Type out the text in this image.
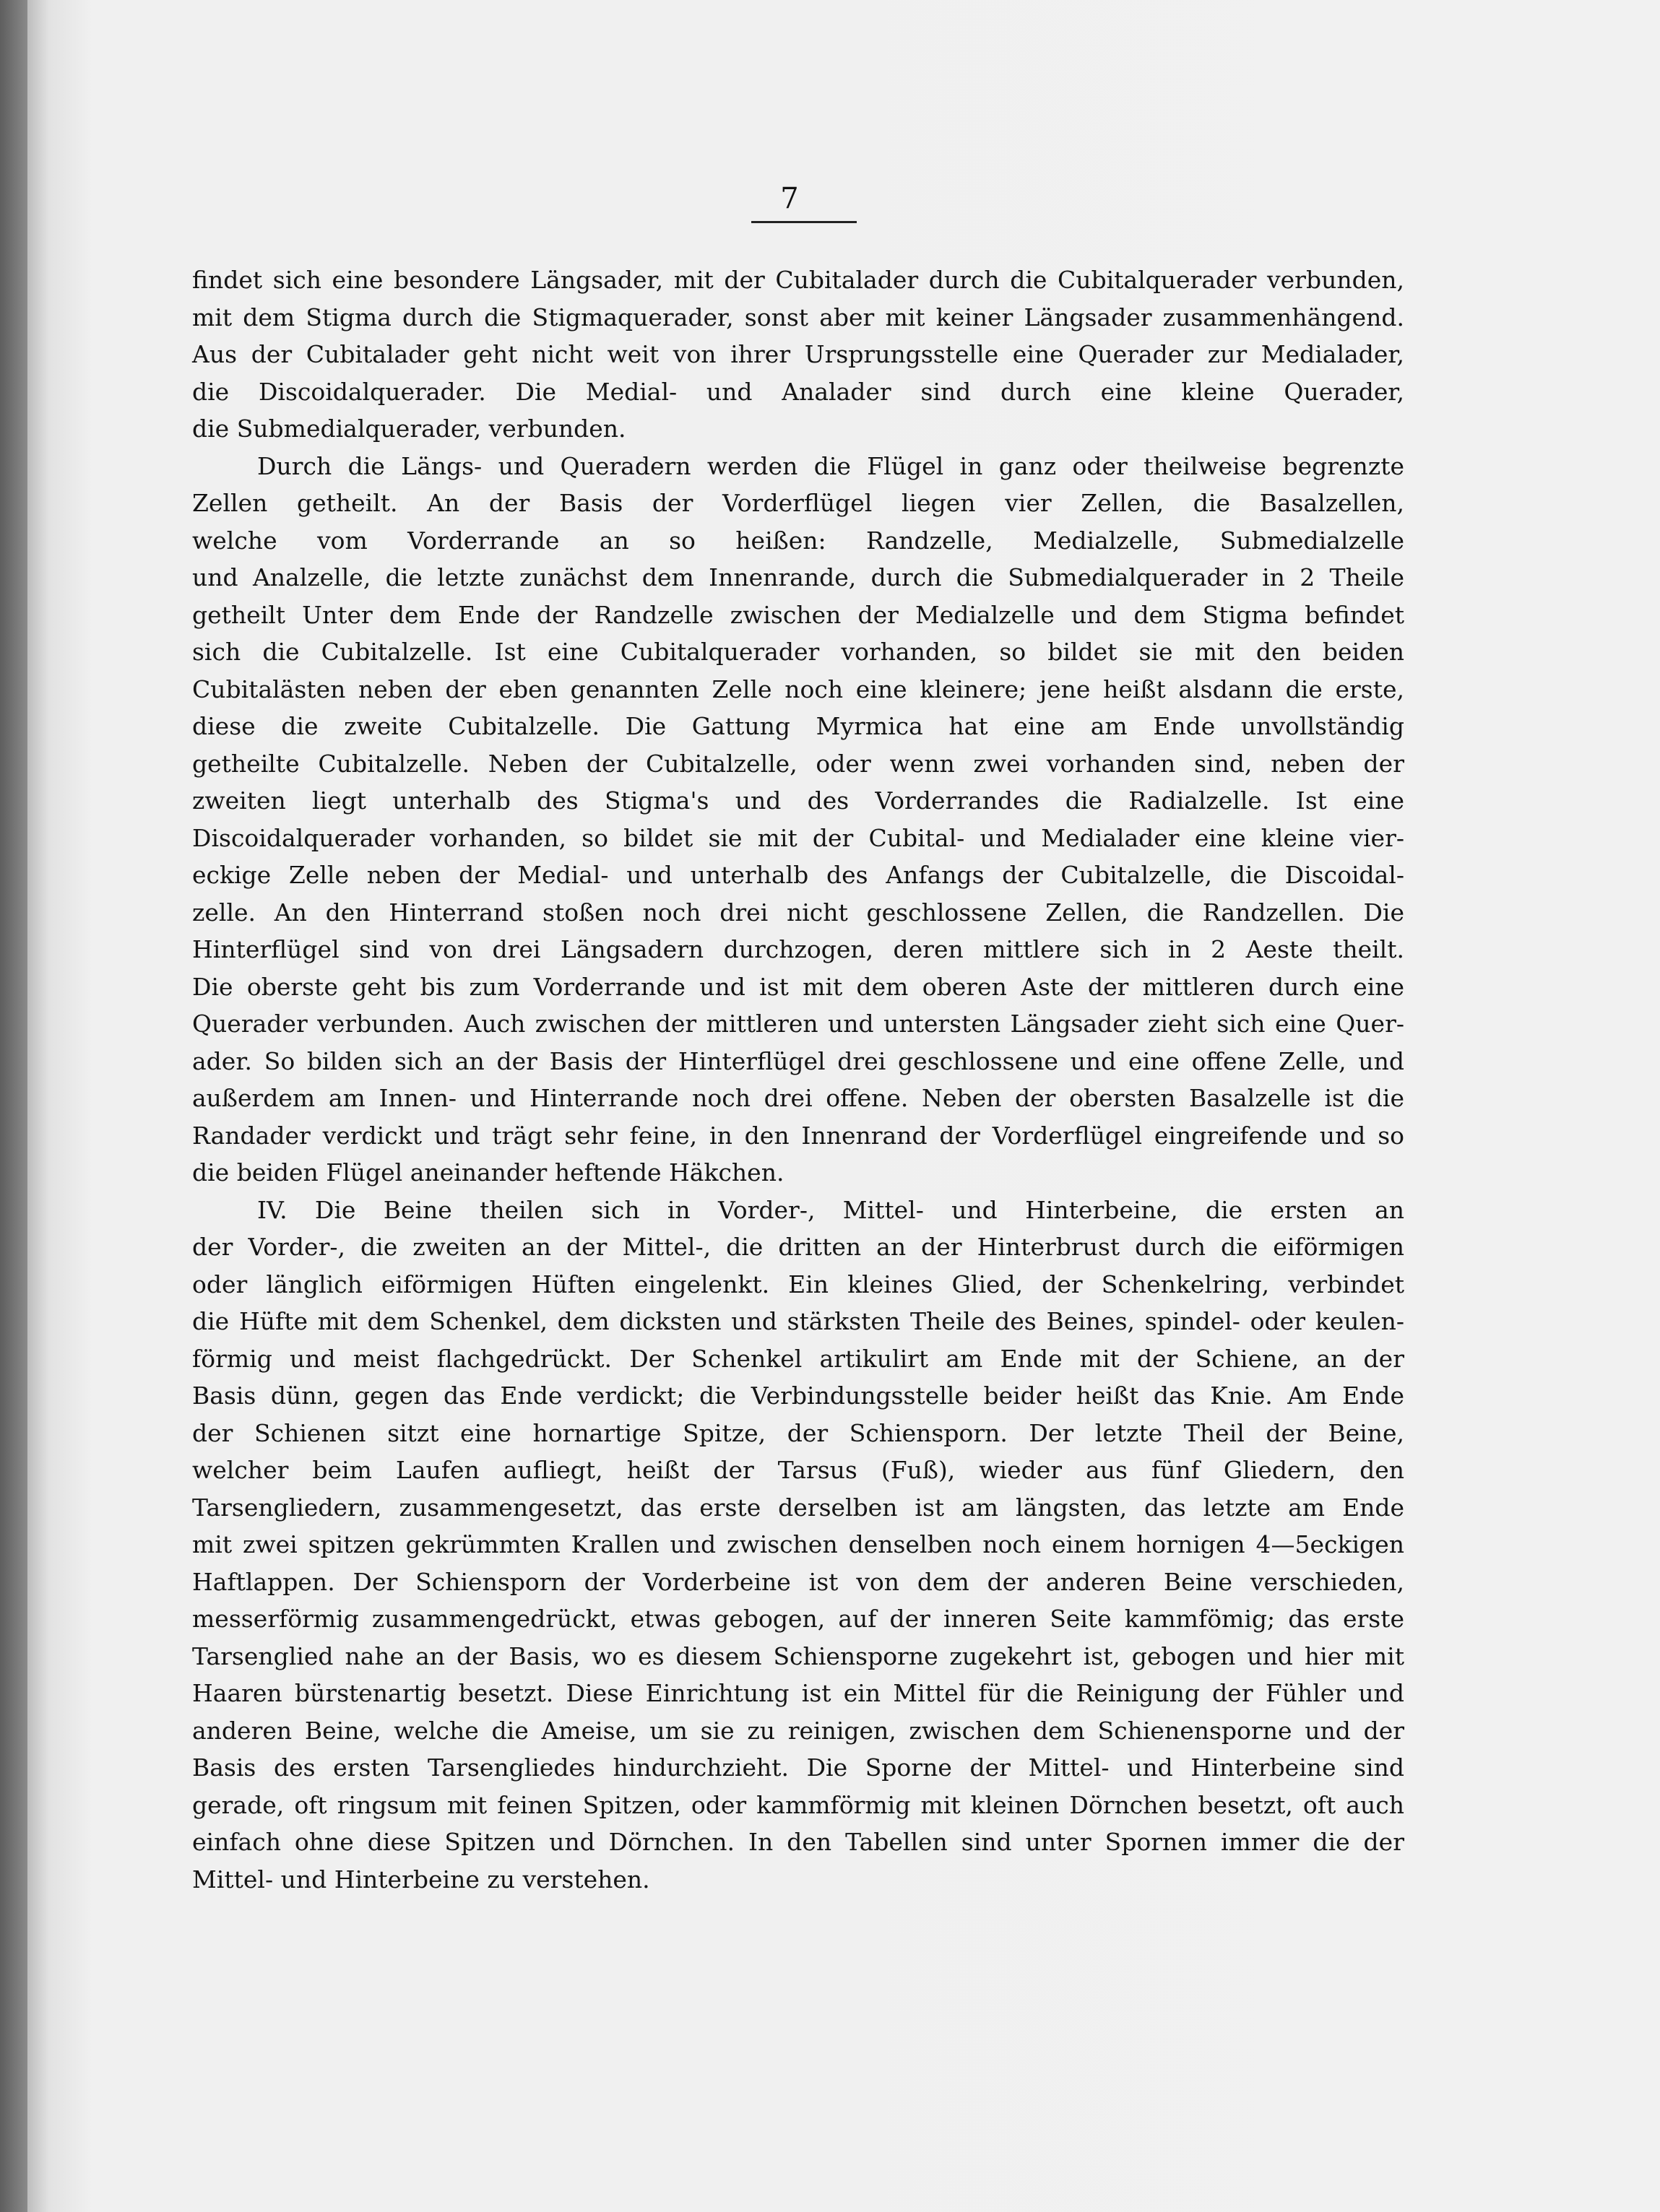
7
findet sich eine besondere Längsader, mit der Cubitalader durch die Cubitalquerader verbunden,
mit dem Stigma durch die Stigmaquerader, sonst aber mit keiner Längsader zusammenhängend.
Aus der Cubitalader geht nicht weit von ihrer Ursprungsstelle eine Querader zur Medialader,
die Discoidalquerader. Die Medial- und Analader sind durch eine kleine Querader,
die Submedialquerader, verbunden.
Durch die Längs- und Queradern werden die Flügel in ganz oder theilweise begrenzte
Zellen getheilt. An der Basis der Vorderflügel liegen vier Zellen, die Basalzellen,
welche vom Vorderrande an so heißen: Randzelle, Medialzelle, Submedialzelle
und Analzelle, die letzte zunächst dem Innenrande, durch die Submedialquerader in 2 Theile
getheilt Unter dem Ende der Randzelle zwischen der Medialzelle und dem Stigma befindet
sich die Cubitalzelle. Ist eine Cubitalquerader vorhanden, so bildet sie mit den beiden
Cubitalästen neben der eben genannten Zelle noch eine kleinere; jene heißt alsdann die erste,
diese die zweite Cubitalzelle. Die Gattung Myrmica hat eine am Ende unvollständig
getheilte Cubitalzelle. Neben der Cubitalzelle, oder wenn zwei vorhanden sind, neben der
zweiten liegt unterhalb des Stigma's und des Vorderrandes die Radialzelle. Ist eine
Discoidalquerader vorhanden, so bildet sie mit der Cubital- und Medialader eine kleine vier-
eckige Zelle neben der Medial- und unterhalb des Anfangs der Cubitalzelle, die Discoidal-
zelle. An den Hinterrand stoßen noch drei nicht geschlossene Zellen, die Randzellen. Die
Hinterflügel sind von drei Längsadern durchzogen, deren mittlere sich in 2 Aeste theilt.
Die oberste geht bis zum Vorderrande und ist mit dem oberen Aste der mittleren durch eine
Querader verbunden. Auch zwischen der mittleren und untersten Längsader zieht sich eine Quer-
ader. So bilden sich an der Basis der Hinterflügel drei geschlossene und eine offene Zelle, und
außerdem am Innen- und Hinterrande noch drei offene. Neben der obersten Basalzelle ist die
Randader verdickt und trägt sehr feine, in den Innenrand der Vorderflügel eingreifende und so
die beiden Flügel aneinander heftende Häkchen.
IV. Die Beine theilen sich in Vorder-, Mittel- und Hinterbeine, die ersten an
der Vorder-, die zweiten an der Mittel-, die dritten an der Hinterbrust durch die eiförmigen
oder länglich eiförmigen Hüften eingelenkt. Ein kleines Glied, der Schenkelring, verbindet
die Hüfte mit dem Schenkel, dem dicksten und stärksten Theile des Beines, spindel- oder keulen-
förmig und meist flachgedrückt. Der Schenkel artikulirt am Ende mit der Schiene, an der
Basis dünn, gegen das Ende verdickt; die Verbindungsstelle beider heißt das Knie. Am Ende
der Schienen sitzt eine hornartige Spitze, der Schiensporn. Der letzte Theil der Beine,
welcher beim Laufen aufliegt, heißt der Tarsus (Fuß), wieder aus fünf Gliedern, den
Tarsengliedern, zusammengesetzt, das erste derselben ist am längsten, das letzte am Ende
mit zwei spitzen gekrümmten Krallen und zwischen denselben noch einem hornigen 4—5eckigen
Haftlappen. Der Schiensporn der Vorderbeine ist von dem der anderen Beine verschieden,
messerförmig zusammengedrückt, etwas gebogen, auf der inneren Seite kammfömig; das erste
Tarsenglied nahe an der Basis, wo es diesem Schiensporne zugekehrt ist, gebogen und hier mit
Haaren bürstenartig besetzt. Diese Einrichtung ist ein Mittel für die Reinigung der Fühler und
anderen Beine, welche die Ameise, um sie zu reinigen, zwischen dem Schienensporne und der
Basis des ersten Tarsengliedes hindurchzieht. Die Sporne der Mittel- und Hinterbeine sind
gerade, oft ringsum mit feinen Spitzen, oder kammförmig mit kleinen Dörnchen besetzt, oft auch
einfach ohne diese Spitzen und Dörnchen. In den Tabellen sind unter Spornen immer die der
Mittel- und Hinterbeine zu verstehen.
